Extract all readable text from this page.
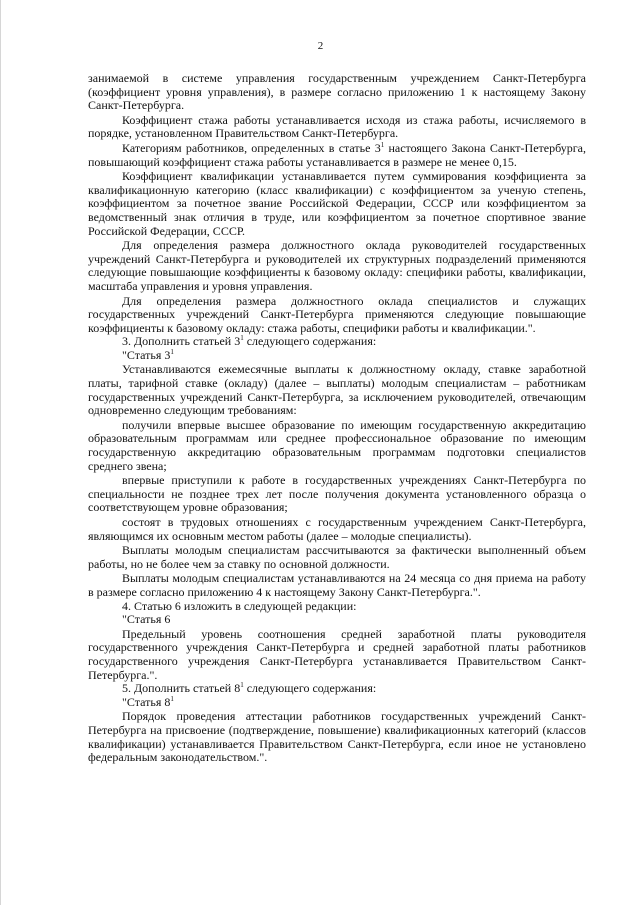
2

занимаемой в системе управления государственным учреждением Санкт-Петербурга (коэффициент уровня управления), в размере согласно приложению 1 к настоящему Закону Санкт-Петербурга.

Коэффициент стажа работы устанавливается исходя из стажа работы, исчисляемого в порядке, установленном Правительством Санкт-Петербурга.

Категориям работников, определенных в статье $3^1$ настоящего Закона Санкт-Петербурга, повышающий коэффициент стажа работы устанавливается в размере не менее 0,15.

Коэффициент квалификации устанавливается путем суммирования коэффициента за квалификационную категорию (класс квалификации) с коэффициентом за ученую степень, коэффициентом за почетное звание Российской Федерации, СССР или коэффициентом за ведомственный знак отличия в труде, или коэффициентом за почетное спортивное звание Российской Федерации, СССР.

Для определения размера должностного оклада руководителей государственных учреждений Санкт-Петербурга и руководителей их структурных подразделений применяются следующие повышающие коэффициенты к базовому окладу: специфики работы, квалификации, масштаба управления и уровня управления.

Для определения размера должностного оклада специалистов и служащих государственных учреждений Санкт-Петербурга применяются следующие повышающие коэффициенты к базовому окладу: стажа работы, специфики работы и квалификации.".

3. Дополнить статьей $3^1$ следующего содержания:

"Статья $3^1$

Устанавливаются ежемесячные выплаты к должностному окладу, ставке заработной платы, тарифной ставке (окладу) (далее – выплаты) молодым специалистам – работникам государственных учреждений Санкт-Петербурга, за исключением руководителей, отвечающим одновременно следующим требованиям:

получили впервые высшее образование по имеющим государственную аккредитацию образовательным программам или среднее профессиональное образование по имеющим государственную аккредитацию образовательным программам подготовки специалистов среднего звена;

впервые приступили к работе в государственных учреждениях Санкт-Петербурга по специальности не позднее трех лет после получения документа установленного образца о соответствующем уровне образования;

состоят в трудовых отношениях с государственным учреждением Санкт-Петербурга, являющимся их основным местом работы (далее – молодые специалисты).

Выплаты молодым специалистам рассчитываются за фактически выполненный объем работы, но не более чем за ставку по основной должности.

Выплаты молодым специалистам устанавливаются на 24 месяца со дня приема на работу в размере согласно приложению 4 к настоящему Закону Санкт-Петербурга.".

4. Статью 6 изложить в следующей редакции:

"Статья 6

Предельный уровень соотношения средней заработной платы руководителя государственного учреждения Санкт-Петербурга и средней заработной платы работников государственного учреждения Санкт-Петербурга устанавливается Правительством Санкт-Петербурга.".

5. Дополнить статьей $8^1$ следующего содержания:

"Статья $8^1$

Порядок проведения аттестации работников государственных учреждений Санкт-Петербурга на присвоение (подтверждение, повышение) квалификационных категорий (классов квалификации) устанавливается Правительством Санкт-Петербурга, если иное не установлено федеральным законодательством.".
